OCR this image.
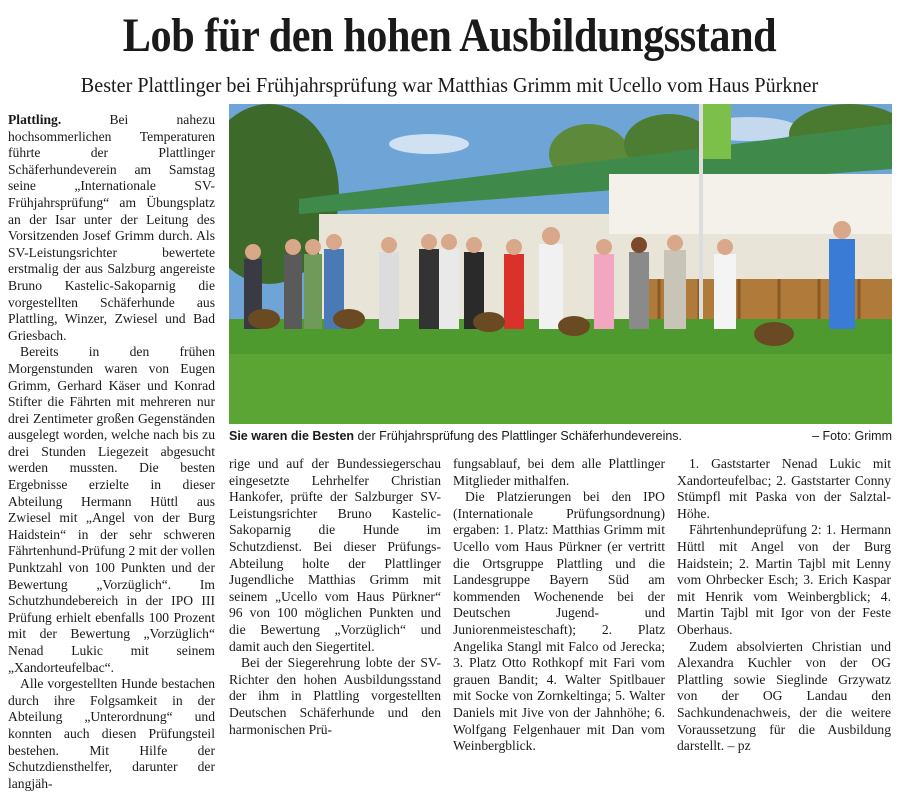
Lob für den hohen Ausbildungsstand
Bester Plattlinger bei Frühjahrsprüfung war Matthias Grimm mit Ucello vom Haus Pürkner

Plattling.	Bei nahezu hochsommerlichen Temperaturen führte der Plattlinger Schäferhundeverein am Samstag seine „Internationale SV-Frühjahrsprüfung“ am Übungsplatz an der Isar unter der Leitung des Vorsitzenden Josef Grimm durch. Als SV-Leistungsrichter bewertete erstmalig der aus Salzburg angereiste Bruno Kastelic-Sakoparnig die vorgestellten Schäferhunde aus Plattling, Winzer, Zwiesel und Bad Griesbach.

Bereits in den frühen Morgenstunden waren von Eugen Grimm, Gerhard Käser und Konrad Stifter die Fährten mit mehreren nur drei Zentimeter großen Gegenständen ausgelegt worden, welche nach bis zu drei Stunden Liegezeit abgesucht werden mussten. Die besten Ergebnisse erzielte in dieser Abteilung Hermann Hüttl aus Zwiesel mit „Angel von der Burg Haidstein“ in der sehr schweren Fährtenhund-Prüfung 2 mit der vollen Punktzahl von 100 Punkten und der Bewertung „Vorzüglich“. Im Schutzhundebereich in der IPO III Prüfung erhielt ebenfalls 100 Prozent mit der Bewertung „Vorzüglich“ Nenad Lukic mit seinem „Xandorteufelbac“.

Alle vorgestellten Hunde bestachen durch ihre Folgsamkeit in der Abteilung „Unterordnung“ und konnten auch diesen Prüfungsteil bestehen. Mit Hilfe der Schutzdiensthelfer, darunter der langjäh-

Sie waren die Besten der Frühjahrsprüfung des Plattlinger Schäferhundevereins.	– Foto: Grimm

rige und auf der Bundessiegerschau eingesetzte Lehrhelfer Christian Hankofer, prüfte der Salzburger SV-Leistungsrichter Bruno Kastelic-Sakoparnig die Hunde im Schutzdienst. Bei dieser Prüfungs-Abteilung holte der Plattlinger Jugendliche Matthias Grimm mit seinem „Ucello vom Haus Pürkner“ 96 von 100 möglichen Punkten und die Bewertung „Vorzüglich“ und damit auch den Siegertitel.

Bei der Siegerehrung lobte der SV-Richter den hohen Ausbildungsstand der ihm in Plattling vorgestellten Deutschen Schäferhunde und den harmonischen Prü-

fungsablauf, bei dem alle Plattlinger Mitglieder mithalfen.

Die Platzierungen bei den IPO (Internationale Prüfungsordnung) ergaben: 1. Platz: Matthias Grimm mit Ucello vom Haus Pürkner (er vertritt die Ortsgruppe Plattling und die Landesgruppe Bayern Süd am kommenden Wochenende bei der Deutschen Jugend- und Juniorenmeisteschaft); 2. Platz Angelika Stangl mit Falco od Jerecka; 3. Platz Otto Rothkopf mit Fari vom grauen Bandit; 4. Walter Spitlbauer mit Socke von Zornkeltinga; 5. Walter Daniels mit Jive von der Jahnhöhe; 6. Wolfgang Felgenhauer mit Dan vom Weinbergblick.

1. Gaststarter Nenad Lukic mit Xandorteufelbac; 2. Gaststarter Conny Stümpfl mit Paska von der Salztal-Höhe.

Fährtenhundeprüfung 2: 1. Hermann Hüttl mit Angel von der Burg Haidstein; 2. Martin Tajbl mit Lenny vom Ohrbecker Esch; 3. Erich Kaspar mit Henrik vom Weinbergblick; 4. Martin Tajbl mit Igor von der Feste Oberhaus.

Zudem absolvierten Christian und Alexandra Kuchler von der OG Plattling sowie Sieglinde Grzywatz von der OG Landau den Sachkundenachweis, der die weitere Voraussetzung für die Ausbildung darstellt. – pz
